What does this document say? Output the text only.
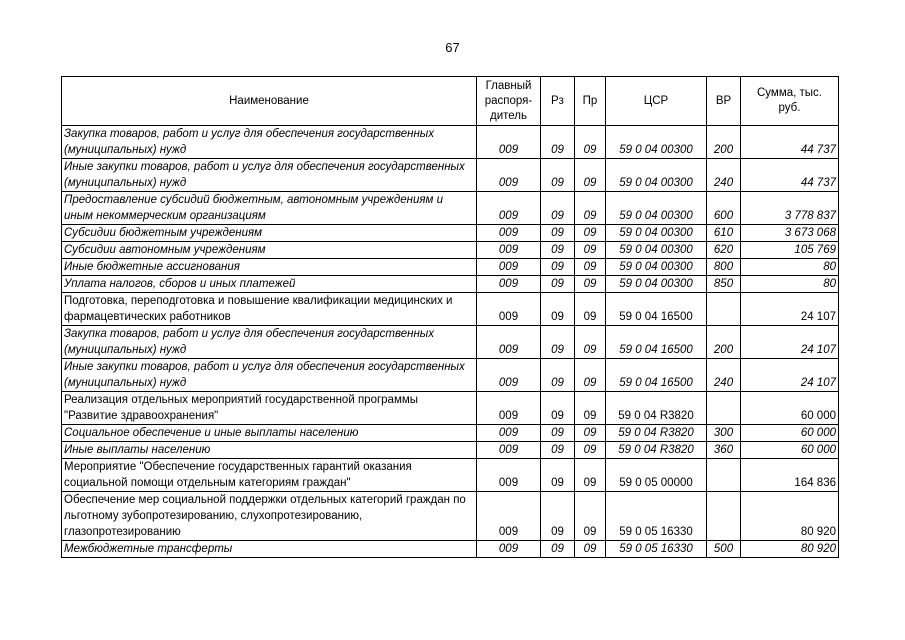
67
Наименование	Главный распоря-дитель	Рз	Пр	ЦСР	ВР	Сумма, тыс. руб.
Закупка товаров, работ и услуг для обеспечения государственных (муниципальных) нужд	009	09	09	59 0 04 00300	200	44 737
Иные закупки товаров, работ и услуг для обеспечения государственных (муниципальных) нужд	009	09	09	59 0 04 00300	240	44 737
Предоставление субсидий бюджетным, автономным учреждениям и иным некоммерческим организациям	009	09	09	59 0 04 00300	600	3 778 837
Субсидии бюджетным учреждениям	009	09	09	59 0 04 00300	610	3 673 068
Субсидии автономным учреждениям	009	09	09	59 0 04 00300	620	105 769
Иные бюджетные ассигнования	009	09	09	59 0 04 00300	800	80
Уплата налогов, сборов и иных платежей	009	09	09	59 0 04 00300	850	80
Подготовка, переподготовка и повышение квалификации медицинских и фармацевтических работников	009	09	09	59 0 04 16500		24 107
Закупка товаров, работ и услуг для обеспечения государственных (муниципальных) нужд	009	09	09	59 0 04 16500	200	24 107
Иные закупки товаров, работ и услуг для обеспечения государственных (муниципальных) нужд	009	09	09	59 0 04 16500	240	24 107
Реализация отдельных мероприятий государственной программы "Развитие здравоохранения"	009	09	09	59 0 04 R3820		60 000
Социальное обеспечение и иные выплаты населению	009	09	09	59 0 04 R3820	300	60 000
Иные выплаты населению	009	09	09	59 0 04 R3820	360	60 000
Мероприятие "Обеспечение государственных гарантий оказания социальной помощи отдельным категориям граждан"	009	09	09	59 0 05 00000		164 836
Обеспечение мер социальной поддержки отдельных категорий граждан по льготному зубопротезированию, слухопротезированию, глазопротезированию	009	09	09	59 0 05 16330		80 920
Межбюджетные трансферты	009	09	09	59 0 05 16330	500	80 920
